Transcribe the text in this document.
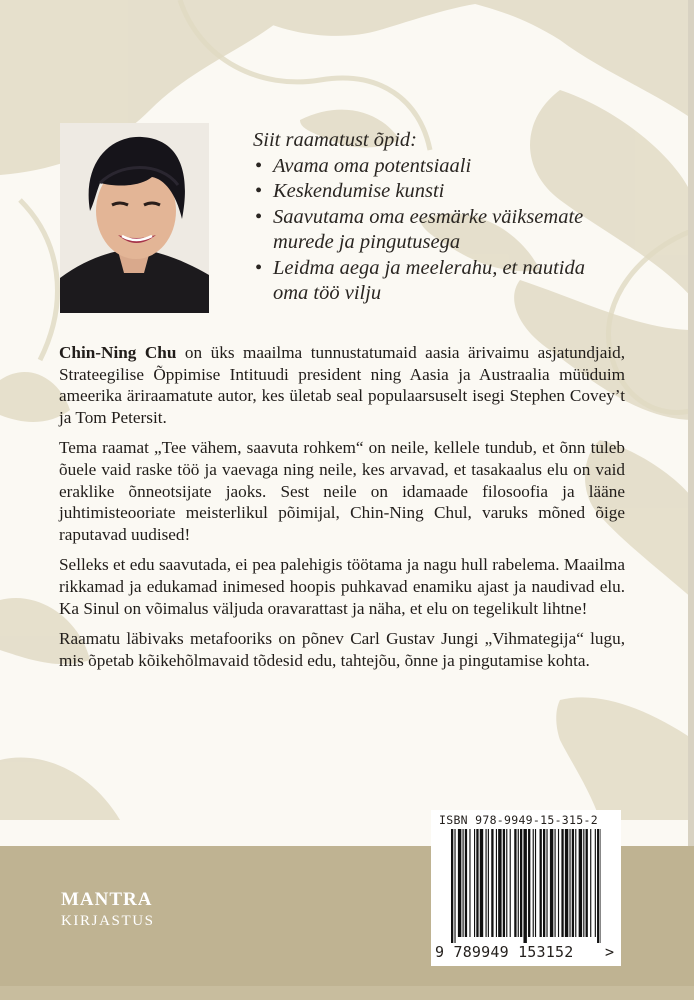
Siit raamatust õpid:
• Avama oma potentsiaali
• Keskendumise kunsti
• Saavutama oma eesmärke väiksemate murede ja pingutusega
• Leidma aega ja meelerahu, et nautida oma töö vilju

Chin-Ning Chu on üks maailma tunnustatumaid aasia ärivaimu asjatundjaid, Strateegilise Õppimise Intituudi president ning Aasia ja Austraalia müüduim ameerika äriraamatute autor, kes ületab seal populaarsuselt isegi Stephen Covey’t ja Tom Petersit.

Tema raamat „Tee vähem, saavuta rohkem“ on neile, kellele tundub, et õnn tuleb õuele vaid raske töö ja vaevaga ning neile, kes arvavad, et tasakaalus elu on vaid eraklike õnneotsijate jaoks. Sest neile on idamaade filosoofia ja lääne juhtimisteooriate meisterlikul põimijal, Chin-Ning Chul, varuks mõned õige raputavad uudised!

Selleks et edu saavutada, ei pea palehigis töötama ja nagu hull rabelema. Maailma rikkamad ja edukamad inimesed hoopis puhkavad enamiku ajast ja naudivad elu. Ka Sinul on võimalus väljuda oravarattast ja näha, et elu on tegelikult lihtne!

Raamatu läbivaks metafooriks on põnev Carl Gustav Jungi „Vihmategija“ lugu, mis õpetab kõikehõlmavaid tõdesid edu, tahtejõu, õnne ja pingutamise kohta.

MANTRA
KIRJASTUS
ISBN 978-9949-15-315-2
9 789949 153152 >
